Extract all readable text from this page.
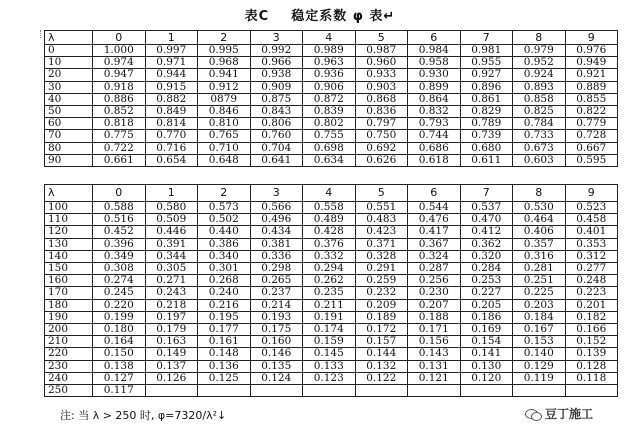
表C 稳定系数 φ 表↵
λ	0	1	2	3	4	5	6	7	8	9
0	1.000	0.997	0.995	0.992	0.989	0.987	0.984	0.981	0.979	0.976
10	0.974	0.971	0.968	0.966	0.963	0.960	0.958	0.955	0.952	0.949
20	0.947	0.944	0.941	0.938	0.936	0.933	0.930	0.927	0.924	0.921
30	0.918	0.915	0.912	0.909	0.906	0.903	0.899	0.896	0.893	0.889
40	0.886	0.882	0879	0.875	0.872	0.868	0.864	0.861	0.858	0.855
50	0.852	0.849	0.846	0.843	0.839	0.836	0.832	0.829	0.825	0.822
60	0.818	0.814	0.810	0.806	0.802	0.797	0.793	0.789	0.784	0.779
70	0.775	0.770	0.765	0.760	0.755	0.750	0.744	0.739	0.733	0.728
80	0.722	0.716	0.710	0.704	0.698	0.692	0.686	0.680	0.673	0.667
90	0.661	0.654	0.648	0.641	0.634	0.626	0.618	0.611	0.603	0.595
λ	0	1	2	3	4	5	6	7	8	9
100	0.588	0.580	0.573	0.566	0.558	0.551	0.544	0.537	0.530	0.523
110	0.516	0.509	0.502	0.496	0.489	0.483	0.476	0.470	0.464	0.458
120	0.452	0.446	0.440	0.434	0.428	0.423	0.417	0.412	0.406	0.401
130	0.396	0.391	0.386	0.381	0.376	0.371	0.367	0.362	0.357	0.353
140	0.349	0.344	0.340	0.336	0.332	0.328	0.324	0.320	0.316	0.312
150	0.308	0.305	0.301	0.298	0.294	0.291	0.287	0.284	0.281	0.277
160	0.274	0.271	0.268	0.265	0.262	0.259	0.256	0.253	0.251	0.248
170	0.245	0.243	0.240	0.237	0.235	0.232	0.230	0.227	0.225	0.223
180	0.220	0.218	0.216	0.214	0.211	0.209	0.207	0.205	0.203	0.201
190	0.199	0.197	0.195	0.193	0.191	0.189	0.188	0.186	0.184	0.182
200	0.180	0.179	0.177	0.175	0.174	0.172	0.171	0.169	0.167	0.166
210	0.164	0.163	0.161	0.160	0.159	0.157	0.156	0.154	0.153	0.152
220	0.150	0.149	0.148	0.146	0.145	0.144	0.143	0.141	0.140	0.139
230	0.138	0.137	0.136	0.135	0.133	0.132	0.131	0.130	0.129	0.128
240	0.127	0.126	0.125	0.124	0.123	0.122	0.121	0.120	0.119	0.118
250	0.117									
注: 当 λ > 250 时, φ=7320/λ²↓	豆丁施工
